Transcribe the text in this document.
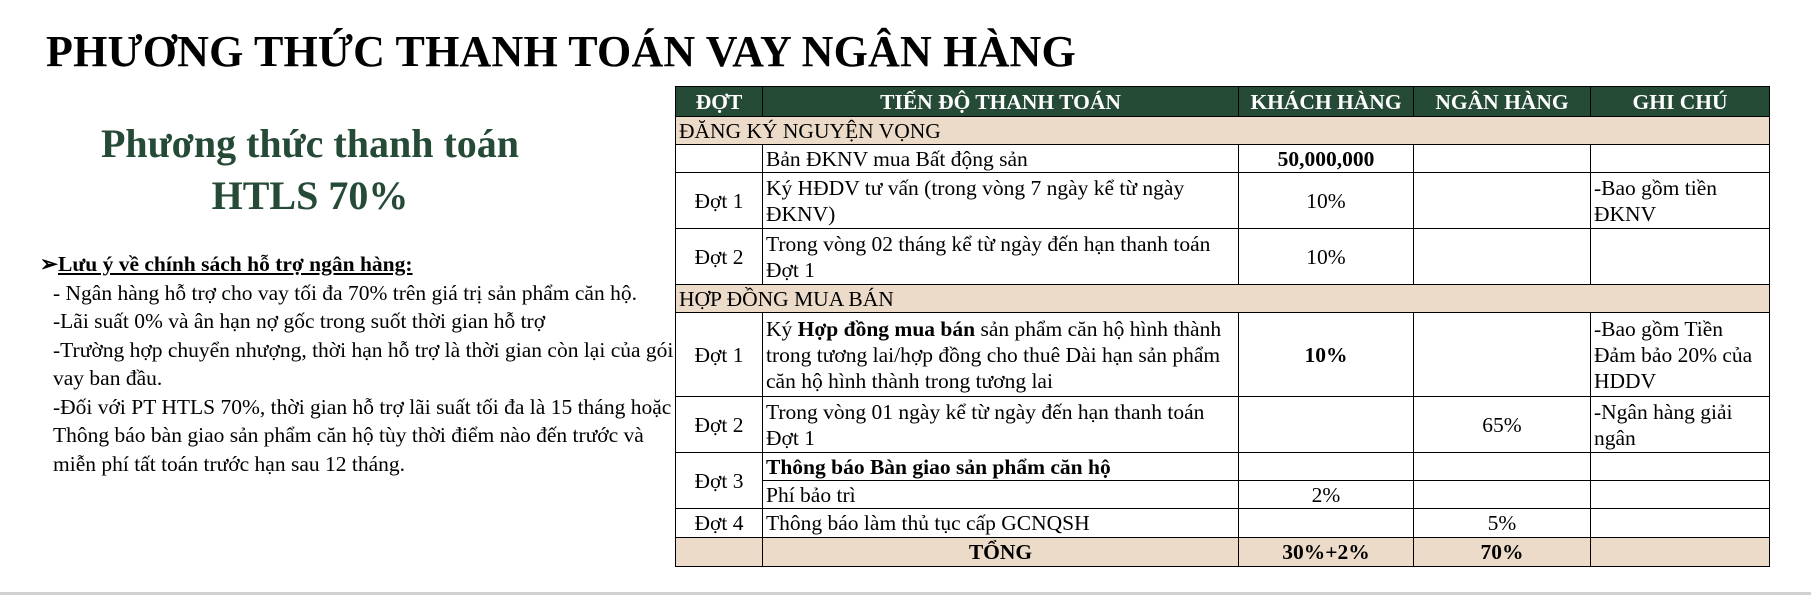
PHƯƠNG THỨC THANH TOÁN VAY NGÂN HÀNG
Phương thức thanh toán
HTLS 70%
➢Lưu ý về chính sách hỗ trợ ngân hàng:
- Ngân hàng hỗ trợ cho vay tối đa 70% trên giá trị sản phẩm căn hộ.
-Lãi suất 0% và ân hạn nợ gốc trong suốt thời gian hỗ trợ
-Trường hợp chuyển nhượng, thời hạn hỗ trợ là thời gian còn lại của gói vay ban đầu.
-Đối với PT HTLS 70%, thời gian hỗ trợ lãi suất tối đa là 15 tháng hoặc Thông báo bàn giao sản phẩm căn hộ tùy thời điểm nào đến trước và miễn phí tất toán trước hạn sau 12 tháng.
ĐỢT	TIẾN ĐỘ THANH TOÁN	KHÁCH HÀNG	NGÂN HÀNG	GHI CHÚ
ĐĂNG KÝ NGUYỆN VỌNG				
	Bản ĐKNV mua Bất động sản	50,000,000		
Đợt 1	Ký HĐDV tư vấn (trong vòng 7 ngày kể từ ngày ĐKNV)	10%		-Bao gồm tiền ĐKNV
Đợt 2	Trong vòng 02 tháng kể từ ngày đến hạn thanh toán Đợt 1	10%		
HỢP ĐỒNG MUA BÁN				
Đợt 1	Ký Hợp đồng mua bán sản phẩm căn hộ hình thành trong tương lai/hợp đồng cho thuê Dài hạn sản phẩm căn hộ hình thành trong tương lai	10%		-Bao gồm Tiền Đảm bảo 20% của HDDV
Đợt 2	Trong vòng 01 ngày kể từ ngày đến hạn thanh toán Đợt 1		65%	-Ngân hàng giải ngân
Đợt 3	Thông báo Bàn giao sản phẩm căn hộ			
	Phí bảo trì	2%		
Đợt 4	Thông báo làm thủ tục cấp GCNQSH		5%	
	TỔNG	30%+2%	70%	
